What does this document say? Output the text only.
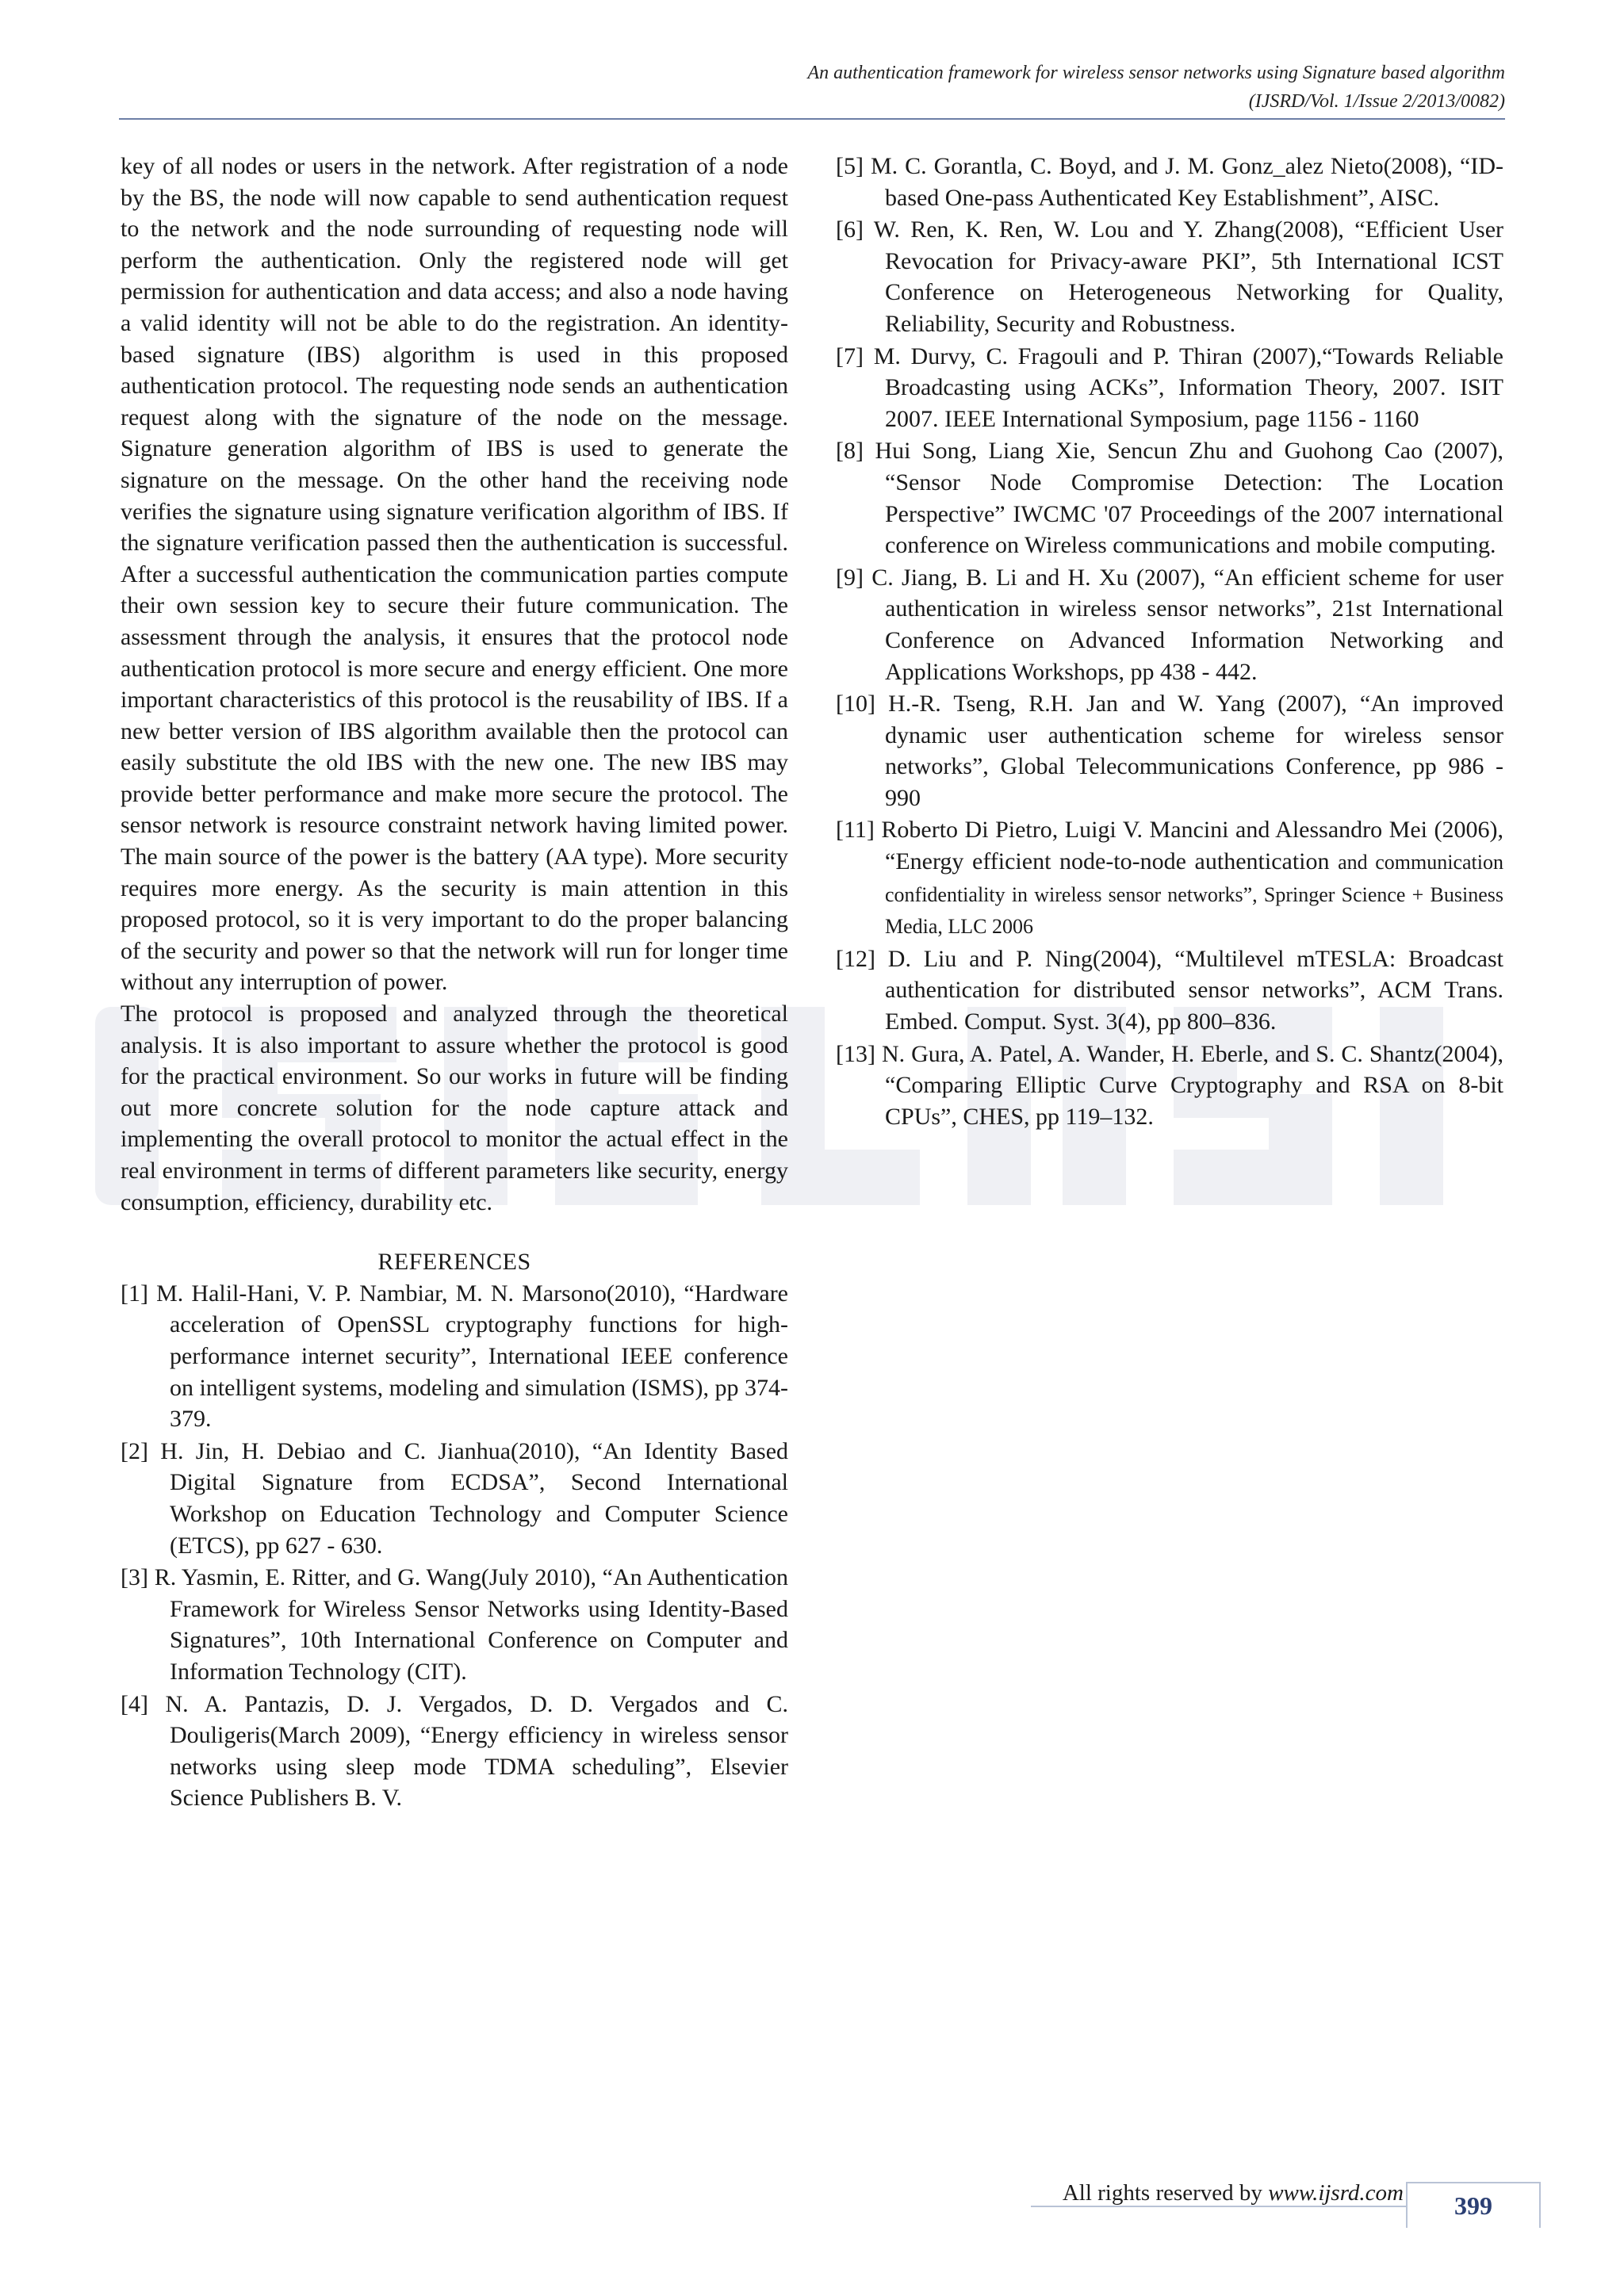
An authentication framework for wireless sensor networks using Signature based algorithm
(IJSRD/Vol. 1/Issue 2/2013/0082)

key of all nodes or users in the network. After registration of a node by the BS, the node will now capable to send authentication request to the network and the node surrounding of requesting node will perform the authentication. Only the registered node will get permission for authentication and data access; and also a node having a valid identity will not be able to do the registration. An identity-based signature (IBS) algorithm is used in this proposed authentication protocol. The requesting node sends an authentication request along with the signature of the node on the message. Signature generation algorithm of IBS is used to generate the signature on the message. On the other hand the receiving node verifies the signature using signature verification algorithm of IBS. If the signature verification passed then the authentication is successful. After a successful authentication the communication parties compute their own session key to secure their future communication. The assessment through the analysis, it ensures that the protocol node authentication protocol is more secure and energy efficient. One more important characteristics of this protocol is the reusability of IBS. If a new better version of IBS algorithm available then the protocol can easily substitute the old IBS with the new one. The new IBS may provide better performance and make more secure the protocol. The sensor network is resource constraint network having limited power. The main source of the power is the battery (AA type). More security requires more energy. As the security is main attention in this proposed protocol, so it is very important to do the proper balancing of the security and power so that the network will run for longer time without any interruption of power.

The protocol is proposed and analyzed through the theoretical analysis. It is also important to assure whether the protocol is good for the practical environment. So our works in future will be finding out more concrete solution for the node capture attack and implementing the overall protocol to monitor the actual effect in the real environment in terms of different parameters like security, energy consumption, efficiency, durability etc.

REFERENCES
[1] M. Halil-Hani, V. P. Nambiar, M. N. Marsono(2010), “Hardware acceleration of OpenSSL cryptography functions for high-performance internet security”, International IEEE conference on intelligent systems, modeling and simulation (ISMS), pp 374-379.
[2] H. Jin, H. Debiao and C. Jianhua(2010), “An Identity Based Digital Signature from ECDSA”, Second International Workshop on Education Technology and Computer Science (ETCS), pp 627 - 630.
[3] R. Yasmin, E. Ritter, and G. Wang(July 2010), “An Authentication Framework for Wireless Sensor Networks using Identity-Based Signatures”, 10th International Conference on Computer and Information Technology (CIT).
[4] N. A. Pantazis, D. J. Vergados, D. D. Vergados and C. Douligeris(March 2009), “Energy efficiency in wireless sensor networks using sleep mode TDMA scheduling”, Elsevier Science Publishers B. V.
[5] M. C. Gorantla, C. Boyd, and J. M. Gonz_alez Nieto(2008), “ID- based One-pass Authenticated Key Establishment”, AISC.
[6] W. Ren, K. Ren, W. Lou and Y. Zhang(2008), “Efficient User Revocation for Privacy-aware PKI”, 5th International ICST Conference on Heterogeneous Networking for Quality, Reliability, Security and Robustness.
[7] M. Durvy, C. Fragouli and P. Thiran (2007),“Towards Reliable Broadcasting using ACKs”, Information Theory, 2007. ISIT 2007. IEEE International Symposium, page 1156 - 1160
[8] Hui Song, Liang Xie, Sencun Zhu and Guohong Cao (2007), “Sensor Node Compromise Detection: The Location Perspective” IWCMC '07 Proceedings of the 2007 international conference on Wireless communications and mobile computing.
[9] C. Jiang, B. Li and H. Xu (2007), “An efficient scheme for user authentication in wireless sensor networks”, 21st International Conference on Advanced Information Networking and Applications Workshops, pp 438 - 442.
[10] H.-R. Tseng, R.H. Jan and W. Yang (2007), “An improved dynamic user authentication scheme for wireless sensor networks”, Global Telecommunications Conference, pp 986 - 990
[11] Roberto Di Pietro, Luigi V. Mancini and Alessandro Mei (2006), “Energy efficient node-to-node authentication and communication confidentiality in wireless sensor networks”, Springer Science + Business Media, LLC 2006
[12] D. Liu and P. Ning(2004), “Multilevel mTESLA: Broadcast authentication for distributed sensor networks”, ACM Trans. Embed. Comput. Syst. 3(4), pp 800–836.
[13] N. Gura, A. Patel, A. Wander, H. Eberle, and S. C. Shantz(2004), “Comparing Elliptic Curve Cryptography and RSA on 8-bit CPUs”, CHES, pp 119–132.
All rights reserved by www.ijsrd.com	399
